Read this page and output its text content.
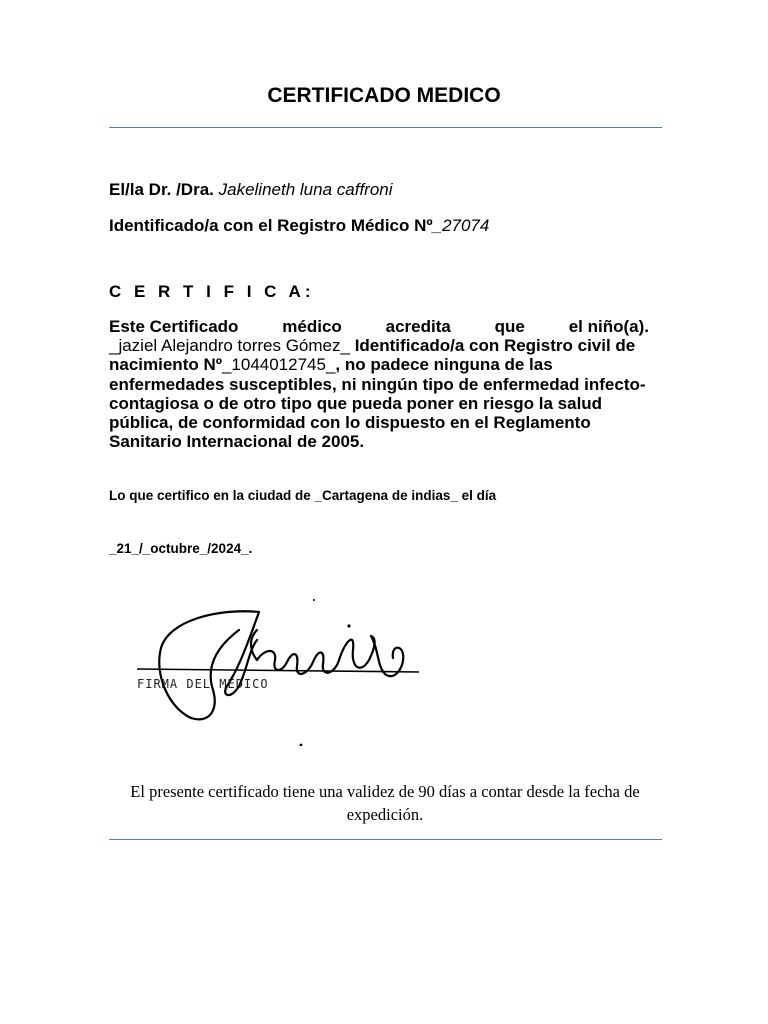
CERTIFICADO MEDICO
El/la Dr. /Dra. Jakelineth luna caffroni
Identificado/a con el Registro Médico Nº_27074
C E R T I F I C A:
Este Certificado	médico	acredita	que	el niño(a).
_jaziel Alejandro torres Gómez_ Identificado/a con Registro civil de nacimiento Nº_1044012745_, no padece ninguna de las enfermedades susceptibles, ni ningún tipo de enfermedad infecto-contagiosa o de otro tipo que pueda poner en riesgo la salud pública, de conformidad con lo dispuesto en el Reglamento Sanitario Internacional de 2005.
Lo que certifico en la ciudad de _Cartagena de indias_ el día
_21_/_octubre_/2024_.
FIRMA DEL MÉDICO
El presente certificado tiene una validez de 90 días a contar desde la fecha de expedición.
